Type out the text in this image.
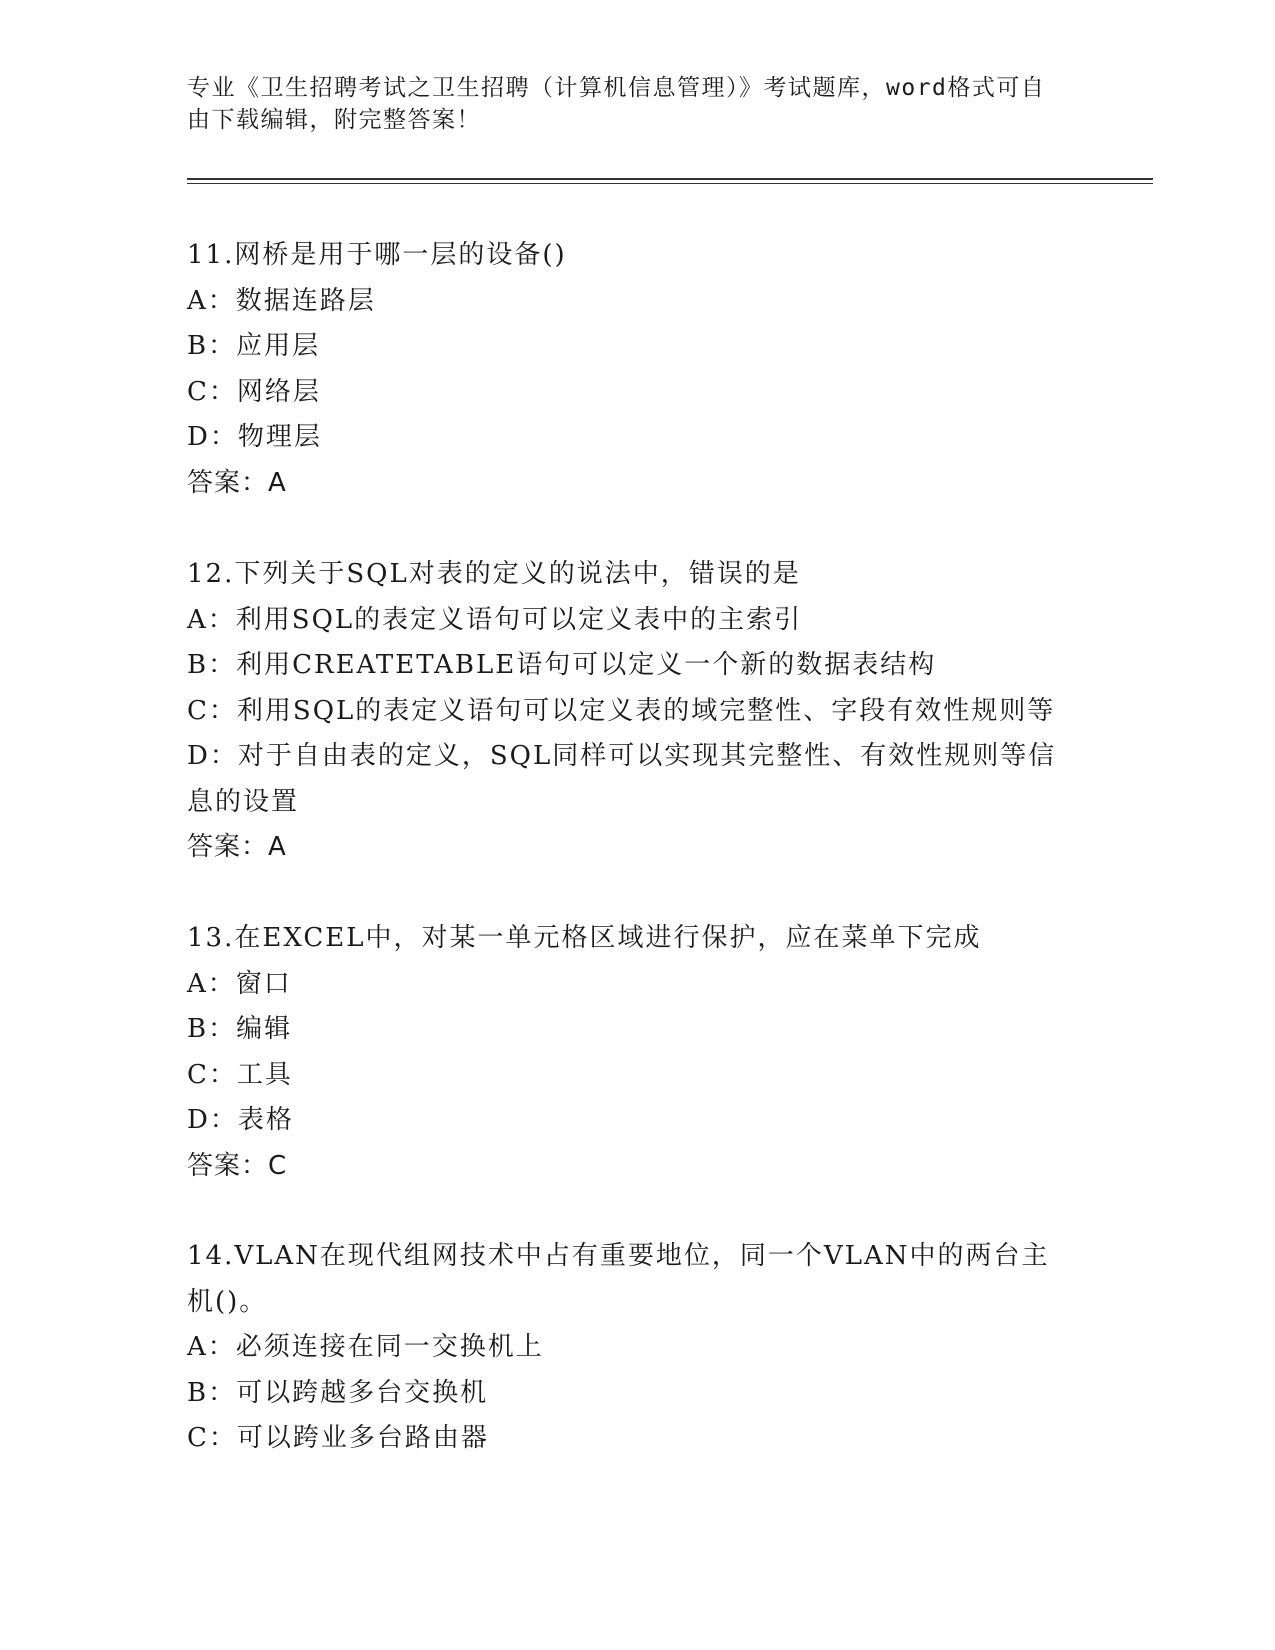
专业《卫生招聘考试之卫生招聘（计算机信息管理）》考试题库，word格式可自由下载编辑，附完整答案！
11.网桥是用于哪一层的设备()
A：数据连路层
B：应用层
C：网络层
D：物理层
答案：A
12.下列关于SQL对表的定义的说法中，错误的是
A：利用SQL的表定义语句可以定义表中的主索引
B：利用CREATETABLE语句可以定义一个新的数据表结构
C：利用SQL的表定义语句可以定义表的域完整性、字段有效性规则等
D：对于自由表的定义，SQL同样可以实现其完整性、有效性规则等信息的设置
答案：A
13.在EXCEL中，对某一单元格区域进行保护，应在菜单下完成
A：窗口
B：编辑
C：工具
D：表格
答案：C
14.VLAN在现代组网技术中占有重要地位，同一个VLAN中的两台主机()。
A：必须连接在同一交换机上
B：可以跨越多台交换机
C：可以跨业多台路由器
